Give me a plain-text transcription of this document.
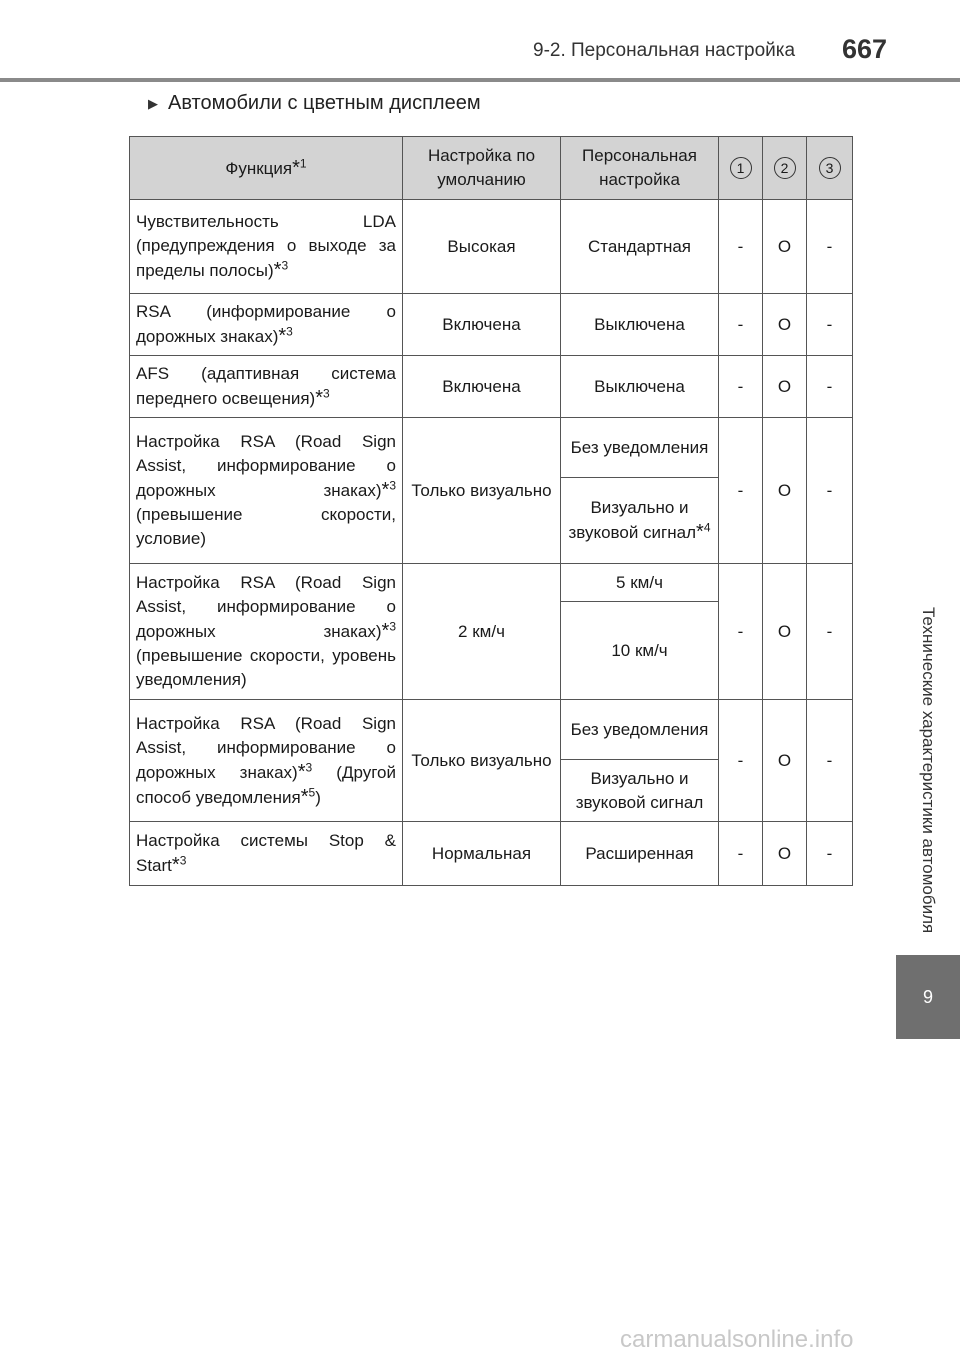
9-2. Персональная настройка 667
Технические характеристики автомобиля
9
▶ Автомобили с цветным дисплеем
Функция*$^1$	Настройка по умолчанию	Персональная настройка	1	2	3
Чувствительность LDA (предупреждения о выходе за пределы полосы)*$^3$	Высокая	Стандартная	-	O	-
RSA (информирование о дорожных знаках)*$^3$	Включена	Выключена	-	O	-
AFS (адаптивная система переднего освещения)*$^3$	Включена	Выключена	-	O	-
Настройка RSA (Road Sign Assist, информирование о дорожных знаках)*$^3$ (превышение скорости, условие)	Только визуально	Без уведомления	-	O	-
		Визуально и звуковой сигнал*$^4$
Настройка RSA (Road Sign Assist, информирование о дорожных знаках)*$^3$ (превышение скорости, уровень уведомления)	2 км/ч	5 км/ч	-	O	-
		10 км/ч			
Настройка RSA (Road Sign Assist, информирование о дорожных знаках)*$^3$ (Другой способ уведомления*$^5$)	Только визуально	Без уведомления	-	O	-
		Визуально и звуковой сигнал			
Настройка системы Stop & Start*$^3$	Нормальная	Расширенная	-	O	-
carmanualsonline.info
